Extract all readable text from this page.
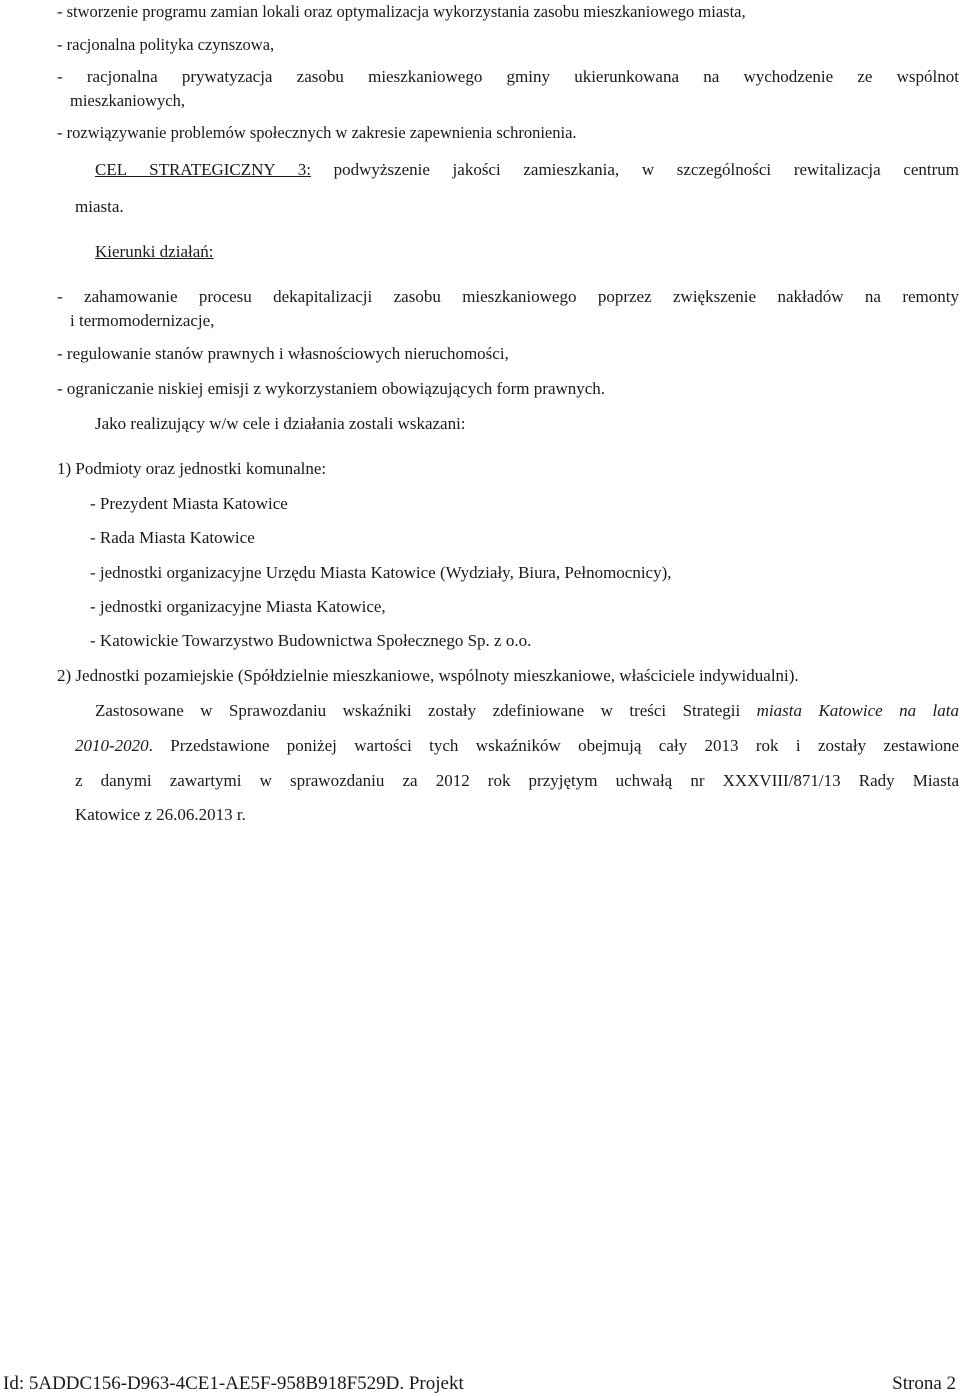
- stworzenie programu zamian lokali oraz optymalizacja wykorzystania zasobu mieszkaniowego miasta,
- racjonalna polityka czynszowa,
- racjonalna prywatyzacja zasobu mieszkaniowego gminy ukierunkowana na wychodzenie ze wspólnot
mieszkaniowych,
- rozwiązywanie problemów społecznych w zakresie zapewnienia schronienia.
CEL STRATEGICZNY 3: podwyższenie jakości zamieszkania, w szczególności rewitalizacja centrum
miasta.
Kierunki działań:
- zahamowanie procesu dekapitalizacji zasobu mieszkaniowego poprzez zwiększenie nakładów na remonty
i termomodernizacje,
- regulowanie stanów prawnych i własnościowych nieruchomości,
- ograniczanie niskiej emisji z wykorzystaniem obowiązujących form prawnych.
Jako realizujący w/w cele i działania zostali wskazani:
1) Podmioty oraz jednostki komunalne:
- Prezydent Miasta Katowice
- Rada Miasta Katowice
- jednostki organizacyjne Urzędu Miasta Katowice (Wydziały, Biura, Pełnomocnicy),
- jednostki organizacyjne Miasta Katowice,
- Katowickie Towarzystwo Budownictwa Społecznego Sp. z o.o.
2) Jednostki pozamiejskie (Spółdzielnie mieszkaniowe, wspólnoty mieszkaniowe, właściciele indywidualni).
Zastosowane w Sprawozdaniu wskaźniki zostały zdefiniowane w treści Strategii miasta Katowice na lata
2010-2020. Przedstawione poniżej wartości tych wskaźników obejmują cały 2013 rok i zostały zestawione
z danymi zawartymi w sprawozdaniu za 2012 rok przyjętym uchwałą nr XXXVIII/871/13 Rady Miasta
Katowice z 26.06.2013 r.
Id: 5ADDC156-D963-4CE1-AE5F-958B918F529D. Projekt	Strona 2
